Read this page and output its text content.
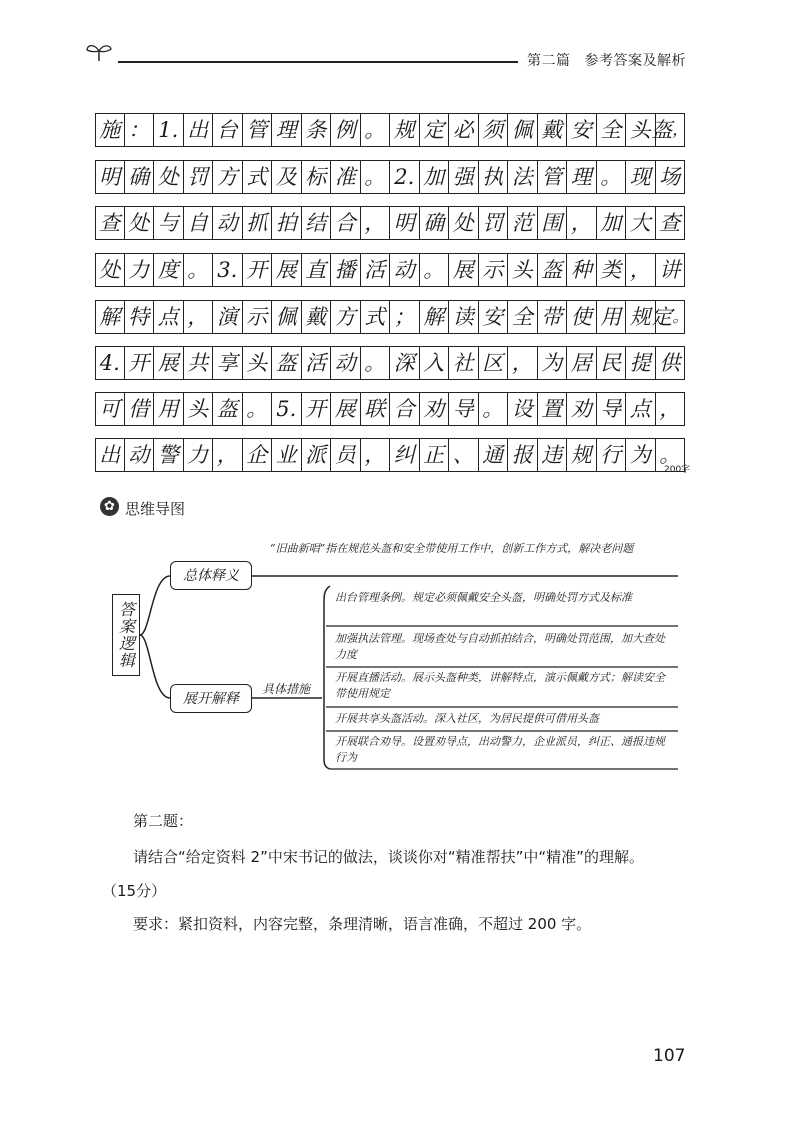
第二篇 参考答案及解析
施 ： 1. 出 台 管 理 条 例 。 规 定 必 须 佩 戴 安 全 头 盔 ，
明 确 处 罚 方 式 及 标 准 。 2. 加 强 执 法 管 理 。 现 场
查 处 与 自 动 抓 拍 结 合 ， 明 确 处 罚 范 围 ， 加 大 查
处 力 度 。 3. 开 展 直 播 活 动 。 展 示 头 盔 种 类 ， 讲
解 特 点 ， 演 示 佩 戴 方 式 ； 解 读 安 全 带 使 用 规 定 。
4. 开 展 共 享 头 盔 活 动 。 深 入 社 区 ， 为 居 民 提 供
可 借 用 头 盔 。 5. 开 展 联 合 劝 导 。 设 置 劝 导 点 ，
出 动 警 力 ， 企 业 派 员 ， 纠 正 、 通 报 违 规 行 为 。
200字
✿ 思维导图
答案逻辑
总体释义
“旧曲新唱”指在规范头盔和安全带使用工作中，创新工作方式，解决老问题
展开解释
具体措施
出台管理条例。规定必须佩戴安全头盔，明确处罚方式及标准
加强执法管理。现场查处与自动抓拍结合，明确处罚范围，加大查处力度
开展直播活动。展示头盔种类，讲解特点，演示佩戴方式；解读安全带使用规定
开展共享头盔活动。深入社区，为居民提供可借用头盔
开展联合劝导。设置劝导点，出动警力，企业派员，纠正、通报违规行为
第二题：
请结合“给定资料 2”中宋书记的做法，谈谈你对“精准帮扶”中“精准”的理解。
（15分）
要求：紧扣资料，内容完整，条理清晰，语言准确，不超过 200 字。
107
